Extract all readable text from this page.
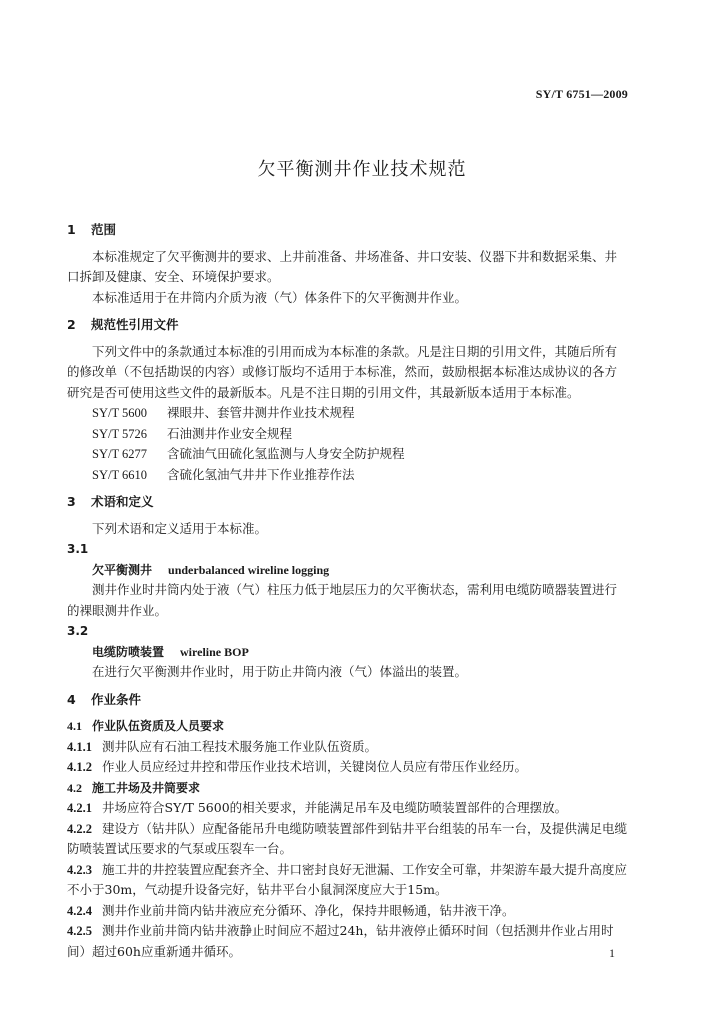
SY/T 6751—2009
欠平衡测井作业技术规范
1 范围

本标准规定了欠平衡测井的要求、上井前准备、井场准备、井口安装、仪器下井和数据采集、井口拆卸及健康、安全、环境保护要求。

本标准适用于在井筒内介质为液（气）体条件下的欠平衡测井作业。

2 规范性引用文件

下列文件中的条款通过本标准的引用而成为本标准的条款。凡是注日期的引用文件，其随后所有的修改单（不包括勘误的内容）或修订版均不适用于本标准，然而，鼓励根据本标准达成协议的各方研究是否可使用这些文件的最新版本。凡是不注日期的引用文件，其最新版本适用于本标准。

SY/T 5600 裸眼井、套管井测井作业技术规程
SY/T 5726 石油测井作业安全规程
SY/T 6277 含硫油气田硫化氢监测与人身安全防护规程
SY/T 6610 含硫化氢油气井井下作业推荐作法
3 术语和定义

下列术语和定义适用于本标准。

3.1
欠平衡测井 underbalanced wireline logging

测井作业时井筒内处于液（气）柱压力低于地层压力的欠平衡状态，需利用电缆防喷器装置进行的裸眼测井作业。

3.2
电缆防喷装置 wireline BOP

在进行欠平衡测井作业时，用于防止井筒内液（气）体溢出的装置。

4 作业条件
4.1 作业队伍资质及人员要求

4.1.1 测井队应有石油工程技术服务施工作业队伍资质。

4.1.2 作业人员应经过井控和带压作业技术培训，关键岗位人员应有带压作业经历。

4.2 施工井场及井筒要求

4.2.1 井场应符合SY/T 5600的相关要求，并能满足吊车及电缆防喷装置部件的合理摆放。

4.2.2 建设方（钻井队）应配备能吊升电缆防喷装置部件到钻井平台组装的吊车一台，及提供满足电缆防喷装置试压要求的气泵或压裂车一台。

4.2.3 施工井的井控装置应配套齐全、井口密封良好无泄漏、工作安全可靠，井架游车最大提升高度应不小于30m，气动提升设备完好，钻井平台小鼠洞深度应大于15m。

4.2.4 测井作业前井筒内钻井液应充分循环、净化，保持井眼畅通，钻井液干净。

4.2.5 测井作业前井筒内钻井液静止时间应不超过24h，钻井液停止循环时间（包括测井作业占用时间）超过60h应重新通井循环。	1
